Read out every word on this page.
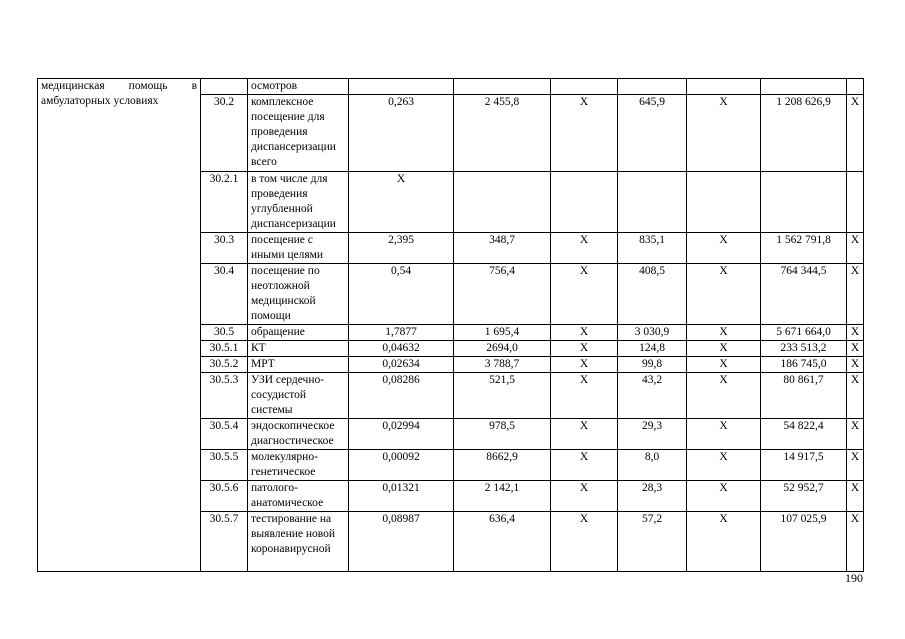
медицинская помощь в амбулаторных условиях		осмотров							
	30.2	комплексное посещение для проведения диспансеризации всего	0,263	2 455,8	X	645,9	X	1 208 626,9	X
	30.2.1	в том числе для проведения углубленной диспансеризации	X						
	30.3	посещение с иными целями	2,395	348,7	X	835,1	X	1 562 791,8	X
	30.4	посещение по неотложной медицинской помощи	0,54	756,4	X	408,5	X	764 344,5	X
	30.5	обращение	1,7877	1 695,4	X	3 030,9	X	5 671 664,0	X
	30.5.1	КТ	0,04632	2694,0	X	124,8	X	233 513,2	X
	30.5.2	МРТ	0,02634	3 788,7	X	99,8	X	186 745,0	X
	30.5.3	УЗИ сердечно-сосудистой системы	0,08286	521,5	X	43,2	X	80 861,7	X
	30.5.4	эндоскопическое диагностическое	0,02994	978,5	X	29,3	X	54 822,4	X
	30.5.5	молекулярно-генетическое	0,00092	8662,9	X	8,0	X	14 917,5	X
	30.5.6	патолого-анатомическое	0,01321	2 142,1	X	28,3	X	52 952,7	X
	30.5.7	тестирование на выявление новой коронавирусной	0,08987	636,4	X	57,2	X	107 025,9	X
190
